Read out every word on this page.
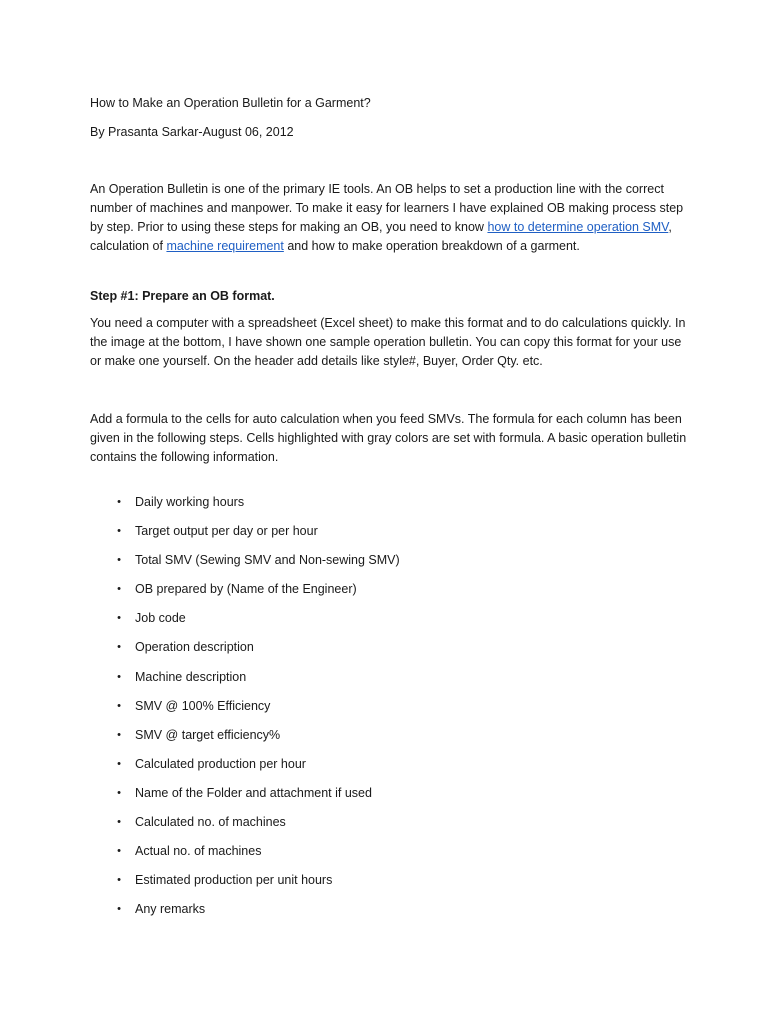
How to Make an Operation Bulletin for a Garment?
By Prasanta Sarkar-August 06, 2012

An Operation Bulletin is one of the primary IE tools. An OB helps to set a production line with the correct number of machines and manpower. To make it easy for learners I have explained OB making process step by step. Prior to using these steps for making an OB, you need to know how to determine operation SMV, calculation of machine requirement and how to make operation breakdown of a garment.

Step #1: Prepare an OB format.

You need a computer with a spreadsheet (Excel sheet) to make this format and to do calculations quickly. In the image at the bottom, I have shown one sample operation bulletin. You can copy this format for your use or make one yourself. On the header add details like style#, Buyer, Order Qty. etc.

Add a formula to the cells for auto calculation when you feed SMVs. The formula for each column has been given in the following steps. Cells highlighted with gray colors are set with formula. A basic operation bulletin contains the following information.

• Daily working hours
• Target output per day or per hour
• Total SMV (Sewing SMV and Non-sewing SMV)
• OB prepared by (Name of the Engineer)
• Job code
• Operation description
• Machine description
• SMV @ 100% Efficiency
• SMV @ target efficiency%
• Calculated production per hour
• Name of the Folder and attachment if used
• Calculated no. of machines
• Actual no. of machines
• Estimated production per unit hours
• Any remarks
